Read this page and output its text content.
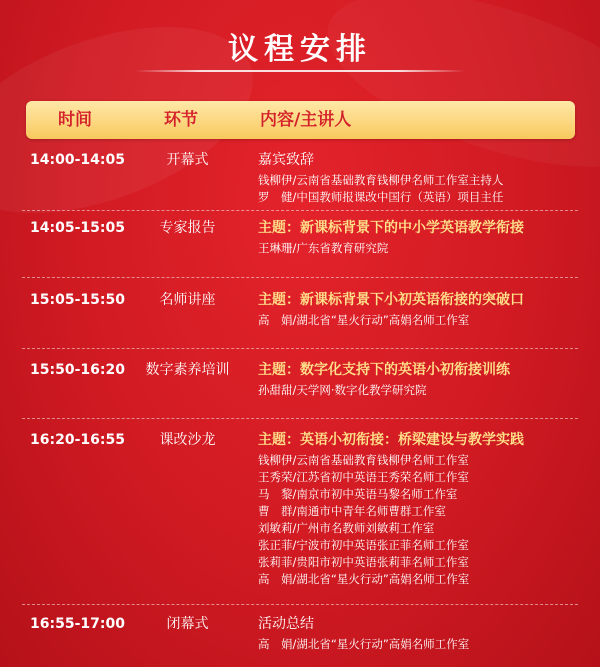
议程安排
时间	环节	内容/主讲人
14:00-14:05	开幕式	嘉宾致辞
钱柳伊/云南省基础教育钱柳伊名师工作室主持人
罗　健/中国教师报课改中国行（英语）项目主任
14:05-15:05	专家报告	主题：新课标背景下的中小学英语教学衔接
王琳珊/广东省教育研究院
15:05-15:50	名师讲座	主题：新课标背景下小初英语衔接的突破口
高　娟/湖北省“星火行动”高娟名师工作室
15:50-16:20	数字素养培训	主题：数字化支持下的英语小初衔接训练
孙甜甜/天学网·数字化教学研究院
16:20-16:55	课改沙龙	主题：英语小初衔接：桥梁建设与教学实践
钱柳伊/云南省基础教育钱柳伊名师工作室
王秀荣/江苏省初中英语王秀荣名师工作室
马　黎/南京市初中英语马黎名师工作室
曹　群/南通市中青年名师曹群工作室
刘敏莉/广州市名教师刘敏莉工作室
张正菲/宁波市初中英语张正菲名师工作室
张莉菲/贵阳市初中英语张莉菲名师工作室
高　娟/湖北省“星火行动”高娟名师工作室
16:55-17:00	闭幕式	活动总结
高　娟/湖北省“星火行动”高娟名师工作室
